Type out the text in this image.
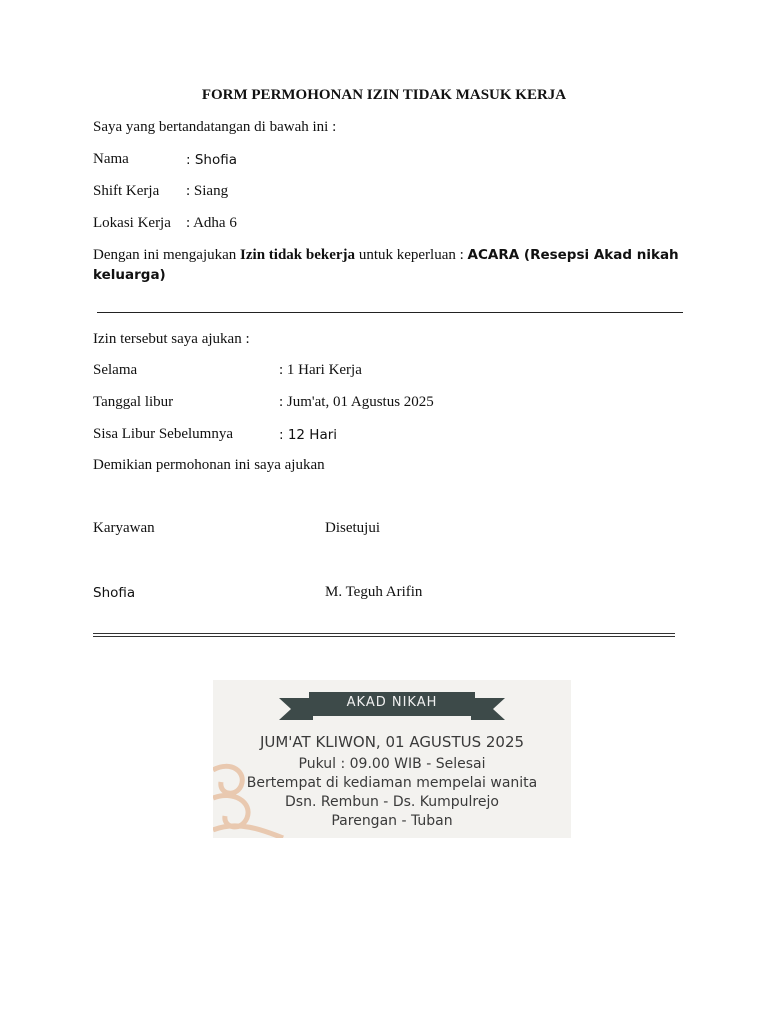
FORM PERMOHONAN IZIN TIDAK MASUK KERJA
Saya yang bertandatangan di bawah ini :
Nama	: Shofia
Shift Kerja : Siang
Lokasi Kerja : Adha 6
Dengan ini mengajukan Izin tidak bekerja untuk keperluan : ACARA (Resepsi Akad nikah
keluarga)
Izin tersebut saya ajukan :
Selama	: 1 Hari Kerja
Tanggal libur	: Jum'at, 01 Agustus 2025
Sisa Libur Sebelumnya	: 12 Hari
Demikian permohonan ini saya ajukan
Karyawan	Disetujui
Shofia	M. Teguh Arifin
AKAD NIKAH
JUM'AT KLIWON, 01 AGUSTUS 2025
Pukul : 09.00 WIB - Selesai
Bertempat di kediaman mempelai wanita
Dsn. Rembun - Ds. Kumpulrejo
Parengan - Tuban
